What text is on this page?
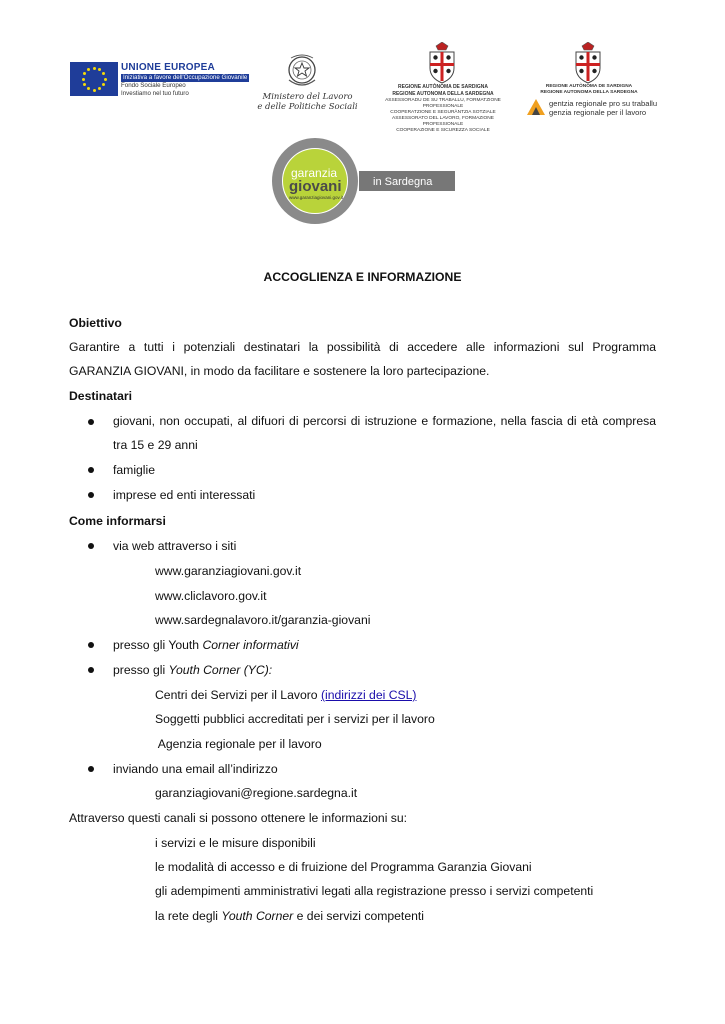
UNIONE EUROPEA
Iniziativa a favore dell'Occupazione Giovanile
Fondo Sociale Europeo
Investiamo nel tuo futuro	Ministero del Lavoro
e delle Politiche Sociali
REGIONE AUTÒNOMA DE SARDIGNA
REGIONE AUTONOMA DELLA SARDEGNA
ASSESSORADU DE SU TRABALLU, FORMATZIONE PROFESSIONALE
COOPERATZIONE E SEGURÀNTZIA SOTZIALE
ASSESSORATO DEL LAVORO, FORMAZIONE PROFESSIONALE
COOPERAZIONE E SICUREZZA SOCIALE
REGIONE AUTÒNOMA DE SARDIGNA
REGIONE AUTONOMA DELLA SARDEGNA
gentzia regionale pro su traballu
genzia regionale per il lavoro
garanzia
giovani
www.garanziagiovani.gov.it
in Sardegna
ACCOGLIENZA E INFORMAZIONE
Obiettivo
Garantire a tutti i potenziali destinatari la possibilità di accedere alle informazioni sul Programma
GARANZIA GIOVANI, in modo da facilitare e sostenere la loro partecipazione.
Destinatari
giovani, non occupati, al difuori di percorsi di istruzione e formazione, nella fascia di età compresa
tra 15 e 29 anni
famiglie
imprese ed enti interessati
Come informarsi
via web attraverso i siti
www.garanziagiovani.gov.it
www.cliclavoro.gov.it
www.sardegnalavoro.it/garanzia-giovani
presso gli Youth Corner informativi
presso gli Youth Corner (YC):
Centri dei Servizi per il Lavoro (indirizzi dei CSL)
Soggetti pubblici accreditati per i servizi per il lavoro
Agenzia regionale per il lavoro
inviando una email all’indirizzo
garanziagiovani@regione.sardegna.it
Attraverso questi canali si possono ottenere le informazioni su:
i servizi e le misure disponibili
le modalità di accesso e di fruizione del Programma Garanzia Giovani
gli adempimenti amministrativi legati alla registrazione presso i servizi competenti
la rete degli Youth Corner e dei servizi competenti
